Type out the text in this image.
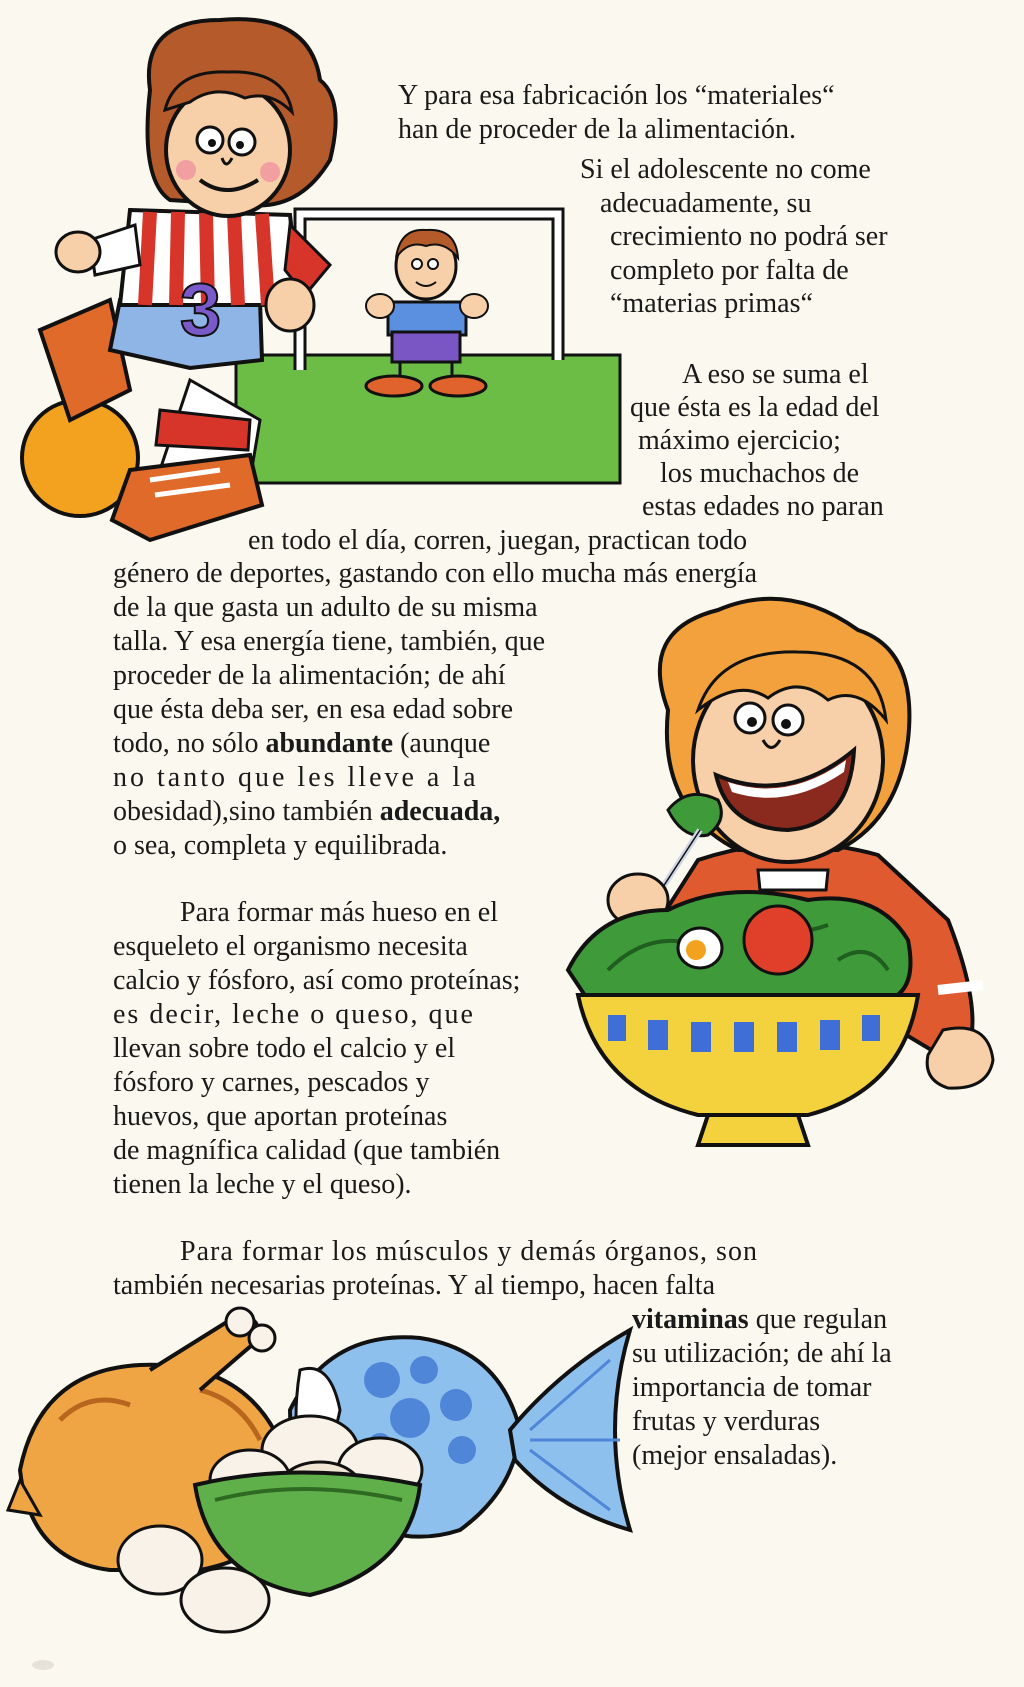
3

Y para esa fabricación los “materiales“

han de proceder de la alimentación.

Si el adolescente no come

adecuadamente, su

crecimiento no podrá ser

completo por falta de

“materias primas“

A eso se suma el

que ésta es la edad del

máximo ejercicio;

los muchachos de

estas edades no paran

en todo el día, corren, juegan, practican todo

género de deportes, gastando con ello mucha más energía

de la que gasta un adulto de su misma

talla. Y esa energía tiene, también, que

proceder de la alimentación; de ahí

que ésta deba ser, en esa edad sobre

todo, no sólo abundante (aunque

no tanto que les lleve a la

obesidad),sino también adecuada,

o sea, completa y equilibrada.

Para formar más hueso en el

esqueleto el organismo necesita

calcio y fósforo, así como proteínas;

es decir, leche o queso, que

llevan sobre todo el calcio y el

fósforo y carnes, pescados y

huevos, que aportan proteínas

de magnífica calidad (que también

tienen la leche y el queso).

Para formar los músculos y demás órganos, son

también necesarias proteínas. Y al tiempo, hacen falta

vitaminas que regulan

su utilización; de ahí la

importancia de tomar

frutas y verduras

(mejor ensaladas).
